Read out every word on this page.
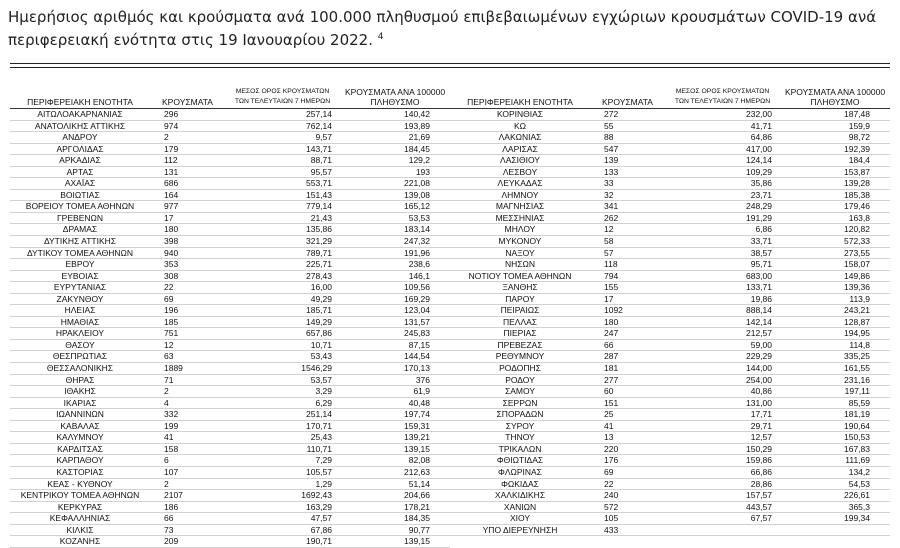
Ημερήσιος αριθμός και κρούσματα ανά 100.000 πληθυσμού επιβεβαιωμένων εγχώριων κρουσμάτων COVID-19 ανά περιφερειακή ενότητα στις 19 Ιανουαρίου 2022. $^4$
ΠΕΡΙΦΕΡΕΙΑΚΗ ΕΝΟΤΗΤΑ	ΚΡΟΥΣΜΑΤΑ
ΜΕΣΟΣ ΟΡΟΣ ΚΡΟΥΣΜΑΤΩΝ
ΤΩΝ ΤΕΛΕΥΤΑΙΩΝ 7 ΗΜΕΡΩΝ
ΚΡΟΥΣΜΑΤΑ ΑΝΑ 100000
ΠΛΗΘΥΣΜΟ	ΠΕΡΙΦΕΡΕΙΑΚΗ ΕΝΟΤΗΤΑ	ΚΡΟΥΣΜΑΤΑ
ΜΕΣΟΣ ΟΡΟΣ ΚΡΟΥΣΜΑΤΩΝ
ΤΩΝ ΤΕΛΕΥΤΑΙΩΝ 7 ΗΜΕΡΩΝ
ΚΡΟΥΣΜΑΤΑ ΑΝΑ 100000
ΠΛΗΘΥΣΜΟ
ΑΙΤΩΛΟΑΚΑΡΝΑΝΙΑΣ	296	257,14	140,42
ΑΝΑΤΟΛΙΚΗΣ ΑΤΤΙΚΗΣ	974	762,14	193,89
ΑΝΔΡΟΥ	2	9,57	21,69
ΑΡΓΟΛΙΔΑΣ	179	143,71	184,45
ΑΡΚΑΔΙΑΣ	112	88,71	129,2
ΑΡΤΑΣ	131	95,57	193
ΑΧΑΪΑΣ	686	553,71	221,08
ΒΟΙΩΤΙΑΣ	164	151,43	139,08
ΒΟΡΕΙΟΥ ΤΟΜΕΑ ΑΘΗΝΩΝ	977	779,14	165,12
ΓΡΕΒΕΝΩΝ	17	21,43	53,53
ΔΡΑΜΑΣ	180	135,86	183,14
ΔΥΤΙΚΗΣ ΑΤΤΙΚΗΣ	398	321,29	247,32
ΔΥΤΙΚΟΥ ΤΟΜΕΑ ΑΘΗΝΩΝ	940	789,71	191,96
ΕΒΡΟΥ	353	225,71	238,6
ΕΥΒΟΙΑΣ	308	278,43	146,1
ΕΥΡΥΤΑΝΙΑΣ	22	16,00	109,56
ΖΑΚΥΝΘΟΥ	69	49,29	169,29
ΗΛΕΙΑΣ	196	185,71	123,04
ΗΜΑΘΙΑΣ	185	149,29	131,57
ΗΡΑΚΛΕΙΟΥ	751	657,86	245,83
ΘΑΣΟΥ	12	10,71	87,15
ΘΕΣΠΡΩΤΙΑΣ	63	53,43	144,54
ΘΕΣΣΑΛΟΝΙΚΗΣ	1889	1546,29	170,13
ΘΗΡΑΣ	71	53,57	376
ΙΘΑΚΗΣ	2	3,29	61,9
ΙΚΑΡΙΑΣ	4	6,29	40,48
ΙΩΑΝΝΙΝΩΝ	332	251,14	197,74
ΚΑΒΑΛΑΣ	199	170,71	159,31
ΚΑΛΥΜΝΟΥ	41	25,43	139,21
ΚΑΡΔΙΤΣΑΣ	158	110,71	139,15
ΚΑΡΠΑΘΟΥ	6	7,29	82,08
ΚΑΣΤΟΡΙΑΣ	107	105,57	212,63
ΚΕΑΣ - ΚΥΘΝΟΥ	2	1,29	51,14
ΚΕΝΤΡΙΚΟΥ ΤΟΜΕΑ ΑΘΗΝΩΝ	2107	1692,43	204,66
ΚΕΡΚΥΡΑΣ	186	163,29	178,21
ΚΕΦΑΛΛΗΝΙΑΣ	66	47,57	184,35
ΚΙΛΚΙΣ	73	67,86	90,77
ΚΟΖΑΝΗΣ	209	190,71	139,15
ΚΟΡΙΝΘΙΑΣ	272	232,00	187,48
ΚΩ	55	41,71	159,9
ΛΑΚΩΝΙΑΣ	88	64,86	98,72
ΛΑΡΙΣΑΣ	547	417,00	192,39
ΛΑΣΙΘΙΟΥ	139	124,14	184,4
ΛΕΣΒΟΥ	133	109,29	153,87
ΛΕΥΚΑΔΑΣ	33	35,86	139,28
ΛΗΜΝΟΥ	32	23,71	185,38
ΜΑΓΝΗΣΙΑΣ	341	248,29	179,46
ΜΕΣΣΗΝΙΑΣ	262	191,29	163,8
ΜΗΛΟΥ	12	6,86	120,82
ΜΥΚΟΝΟΥ	58	33,71	572,33
ΝΑΞΟΥ	57	38,57	273,55
ΝΗΣΩΝ	118	95,71	158,07
ΝΟΤΙΟΥ ΤΟΜΕΑ ΑΘΗΝΩΝ	794	683,00	149,86
ΞΑΝΘΗΣ	155	133,71	139,36
ΠΑΡΟΥ	17	19,86	113,9
ΠΕΙΡΑΙΩΣ	1092	888,14	243,21
ΠΕΛΛΑΣ	180	142,14	128,87
ΠΙΕΡΙΑΣ	247	212,57	194,95
ΠΡΕΒΕΖΑΣ	66	59,00	114,8
ΡΕΘΥΜΝΟΥ	287	229,29	335,25
ΡΟΔΟΠΗΣ	181	144,00	161,55
ΡΟΔΟΥ	277	254,00	231,16
ΣΑΜΟΥ	60	40,86	197,11
ΣΕΡΡΩΝ	151	131,00	85,59
ΣΠΟΡΑΔΩΝ	25	17,71	181,19
ΣΥΡΟΥ	41	29,71	190,64
ΤΗΝΟΥ	13	12,57	150,53
ΤΡΙΚΑΛΩΝ	220	150,29	167,83
ΦΘΙΩΤΙΔΑΣ	176	159,86	111,69
ΦΛΩΡΙΝΑΣ	69	66,86	134,2
ΦΩΚΙΔΑΣ	22	28,86	54,53
ΧΑΛΚΙΔΙΚΗΣ	240	157,57	226,61
ΧΑΝΙΩΝ	572	443,57	365,3
ΧΙΟΥ	105	67,57	199,34
ΥΠΟ ΔΙΕΡΕΥΝΗΣΗ	433
